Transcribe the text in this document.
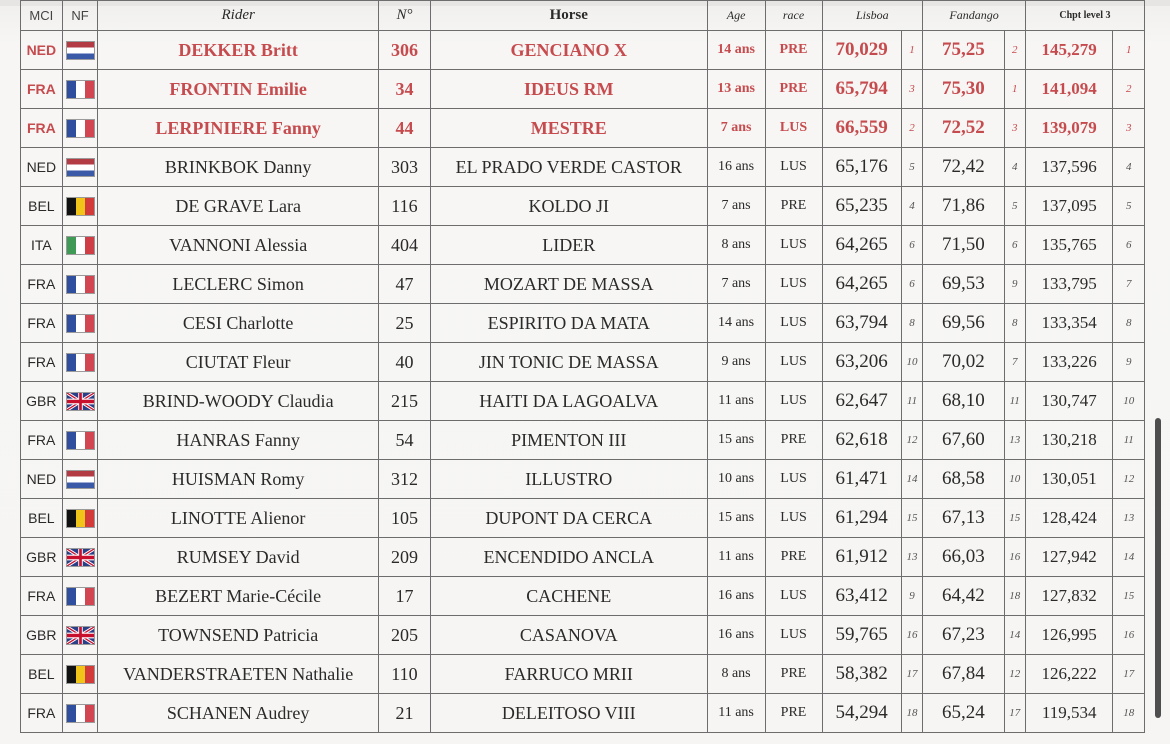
MCI	NF	Rider	N°	Horse	Age	race	Lisboa		Fandango		Chpt level 3	
NED		DEKKER Britt	306	GENCIANO X	14 ans	PRE	70,029	1	75,25	2	145,279	1
FRA		FRONTIN Emilie	34	IDEUS RM	13 ans	PRE	65,794	3	75,30	1	141,094	2
FRA		LERPINIERE Fanny	44	MESTRE	7 ans	LUS	66,559	2	72,52	3	139,079	3
NED		BRINKBOK Danny	303	EL PRADO VERDE CASTOR	16 ans	LUS	65,176	5	72,42	4	137,596	4
BEL		DE GRAVE Lara	116	KOLDO JI	7 ans	PRE	65,235	4	71,86	5	137,095	5
ITA		VANNONI Alessia	404	LIDER	8 ans	LUS	64,265	6	71,50	6	135,765	6
FRA		LECLERC Simon	47	MOZART DE MASSA	7 ans	LUS	64,265	6	69,53	9	133,795	7
FRA		CESI Charlotte	25	ESPIRITO DA MATA	14 ans	LUS	63,794	8	69,56	8	133,354	8
FRA		CIUTAT Fleur	40	JIN TONIC DE MASSA	9 ans	LUS	63,206	10	70,02	7	133,226	9
GBR		BRIND-WOODY Claudia	215	HAITI DA LAGOALVA	11 ans	LUS	62,647	11	68,10	11	130,747	10
FRA		HANRAS Fanny	54	PIMENTON III	15 ans	PRE	62,618	12	67,60	13	130,218	11
NED		HUISMAN Romy	312	ILLUSTRO	10 ans	LUS	61,471	14	68,58	10	130,051	12
BEL		LINOTTE Alienor	105	DUPONT DA CERCA	15 ans	LUS	61,294	15	67,13	15	128,424	13
GBR		RUMSEY David	209	ENCENDIDO ANCLA	11 ans	PRE	61,912	13	66,03	16	127,942	14
FRA		BEZERT Marie-Cécile	17	CACHENE	16 ans	LUS	63,412	9	64,42	18	127,832	15
GBR		TOWNSEND Patricia	205	CASANOVA	16 ans	LUS	59,765	16	67,23	14	126,995	16
BEL		VANDERSTRAETEN Nathalie	110	FARRUCO MRII	8 ans	PRE	58,382	17	67,84	12	126,222	17
FRA		SCHANEN Audrey	21	DELEITOSO VIII	11 ans	PRE	54,294	18	65,24	17	119,534	18
